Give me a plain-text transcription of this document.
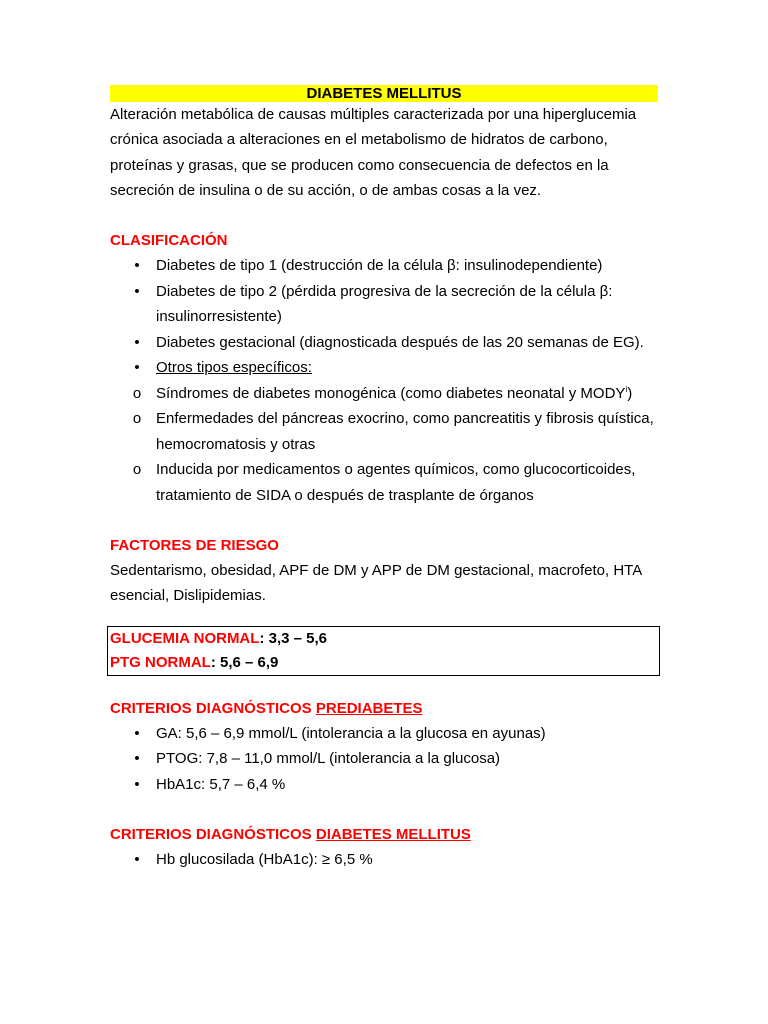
DIABETES MELLITUS

Alteración metabólica de causas múltiples caracterizada por una hiperglucemia crónica asociada a alteraciones en el metabolismo de hidratos de carbono, proteínas y grasas, que se producen como consecuencia de defectos en la secreción de insulina o de su acción, o de ambas cosas a la vez.

CLASIFICACIÓN

• Diabetes de tipo 1 (destrucción de la célula β: insulinodependiente)
• Diabetes de tipo 2 (pérdida progresiva de la secreción de la célula β: insulinorresistente)
• Diabetes gestacional (diagnosticada después de las 20 semanas de EG).
• Otros tipos específicos:
o Síndromes de diabetes monogénica (como diabetes neonatal y MODY$^i$)
o Enfermedades del páncreas exocrino, como pancreatitis y fibrosis quística, hemocromatosis y otras
o Inducida por medicamentos o agentes químicos, como glucocorticoides, tratamiento de SIDA o después de trasplante de órganos

FACTORES DE RIESGO

Sedentarismo, obesidad, APF de DM y APP de DM gestacional, macrofeto, HTA esencial, Dislipidemias.

GLUCEMIA NORMAL: 3,3 – 5,6
PTG NORMAL: 5,6 – 6,9

CRITERIOS DIAGNÓSTICOS PREDIABETES

• GA: 5,6 – 6,9 mmol/L (intolerancia a la glucosa en ayunas)
• PTOG: 7,8 – 11,0 mmol/L (intolerancia a la glucosa)
• HbA1c: 5,7 – 6,4 %

CRITERIOS DIAGNÓSTICOS DIABETES MELLITUS

• Hb glucosilada (HbA1c): ≥ 6,5 %
